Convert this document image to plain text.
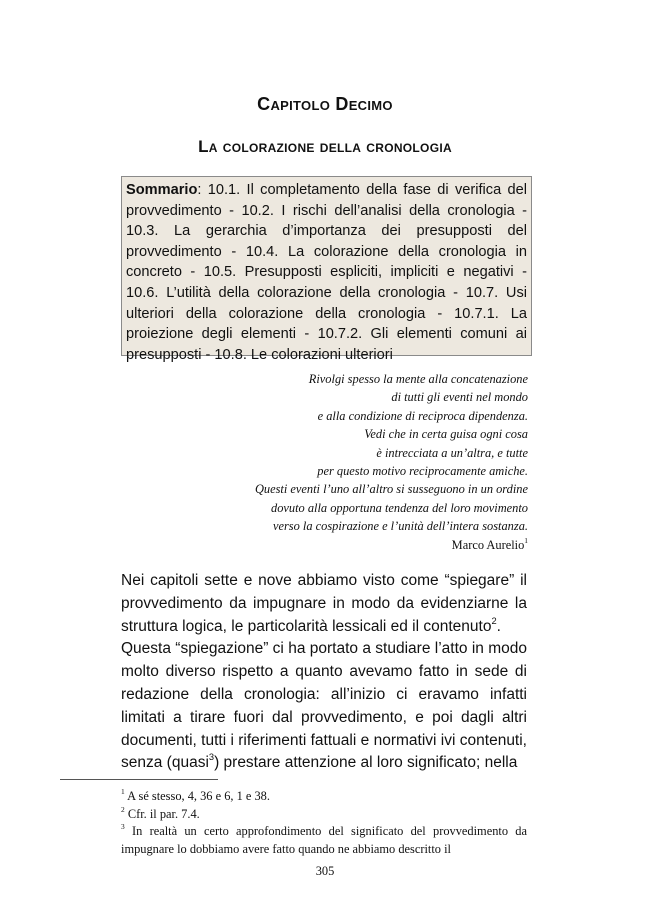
Capitolo Decimo
La colorazione della cronologia
Sommario: 10.1. Il completamento della fase di verifica del provvedimento - 10.2. I rischi dell’analisi della cronologia - 10.3. La gerarchia d’importanza dei presupposti del provvedimento - 10.4. La colorazione della cronologia in concreto - 10.5. Presupposti espliciti, impliciti e negativi - 10.6. L’utilità della colorazione della cronologia - 10.7. Usi ulteriori della colorazione della cronologia - 10.7.1. La proiezione degli elementi - 10.7.2. Gli elementi comuni ai presupposti - 10.8. Le colorazioni ulteriori
Rivolgi spesso la mente alla concatenazione
di tutti gli eventi nel mondo
e alla condizione di reciproca dipendenza.
Vedi che in certa guisa ogni cosa
è intrecciata a un’altra, e tutte
per questo motivo reciprocamente amiche.
Questi eventi l’uno all’altro si susseguono in un ordine
dovuto alla opportuna tendenza del loro movimento
verso la cospirazione e l’unità dell’intera sostanza.
Marco Aurelio$^1$
Nei capitoli sette e nove abbiamo visto come “spiegare” il provvedimento da impugnare in modo da evidenziarne la struttura logica, le particolarità lessicali ed il contenuto$^2$.
Questa “spiegazione” ci ha portato a studiare l’atto in modo molto diverso rispetto a quanto avevamo fatto in sede di redazione della cronologia: all’inizio ci eravamo infatti limitati a tirare fuori dal provvedimento, e poi dagli altri documenti, tutti i riferimenti fattuali e normativi ivi contenuti, senza (quasi$^3$) prestare attenzione al loro significato; nella
$^1$ A sé stesso, 4, 36 e 6, 1 e 38.
$^2$ Cfr. il par. 7.4.
$^3$ In realtà un certo approfondimento del significato del provvedimento da impugnare lo dobbiamo avere fatto quando ne abbiamo descritto il
305
